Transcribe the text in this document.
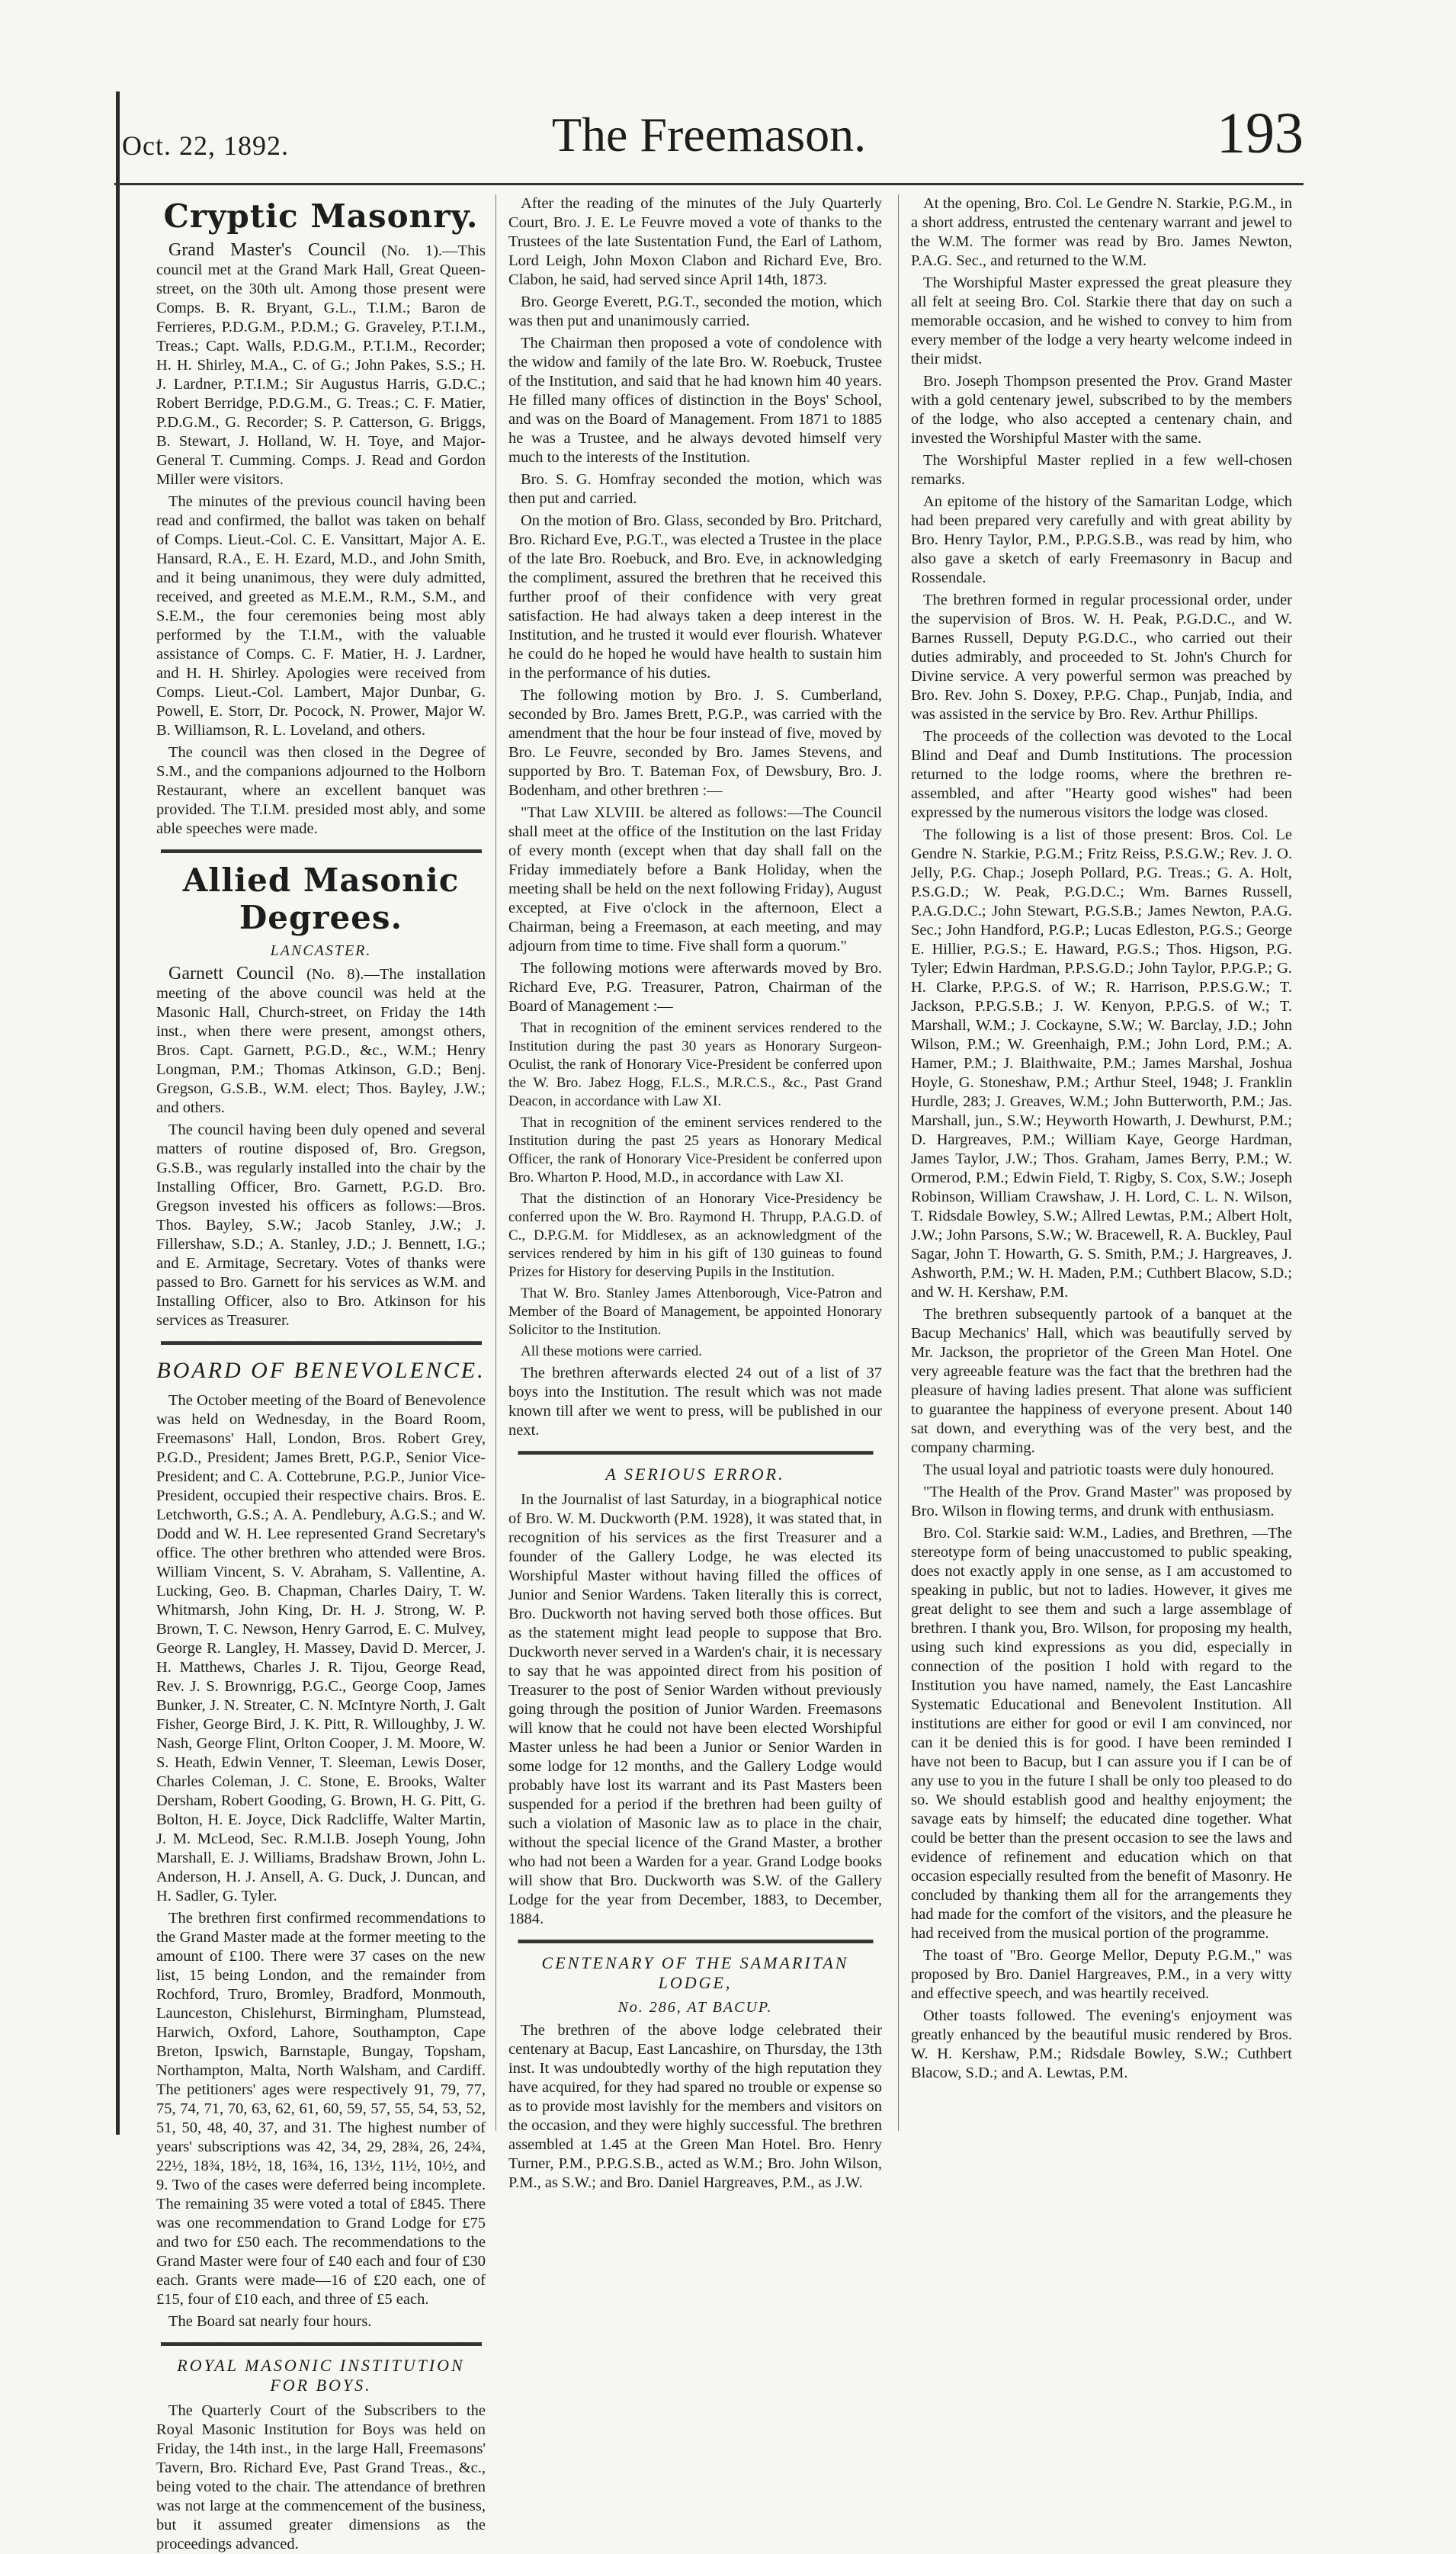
Oct. 22, 1892.	The Freemason.	193
Cryptic Masonry.

Grand Master's Council (No. 1).—This council met at the Grand Mark Hall, Great Queen-street, on the 30th ult. Among those present were Comps. B. R. Bryant, G.L., T.I.M.; Baron de Ferrieres, P.D.G.M., P.D.M.; G. Graveley, P.T.I.M., Treas.; Capt. Walls, P.D.G.M., P.T.I.M., Recorder; H. H. Shirley, M.A., C. of G.; John Pakes, S.S.; H. J. Lardner, P.T.I.M.; Sir Augustus Harris, G.D.C.; Robert Berridge, P.D.G.M., G. Treas.; C. F. Matier, P.D.G.M., G. Recorder; S. P. Catterson, G. Briggs, B. Stewart, J. Holland, W. H. Toye, and Major-General T. Cumming. Comps. J. Read and Gordon Miller were visitors.

The minutes of the previous council having been read and confirmed, the ballot was taken on behalf of Comps. Lieut.-Col. C. E. Vansittart, Major A. E. Hansard, R.A., E. H. Ezard, M.D., and John Smith, and it being unanimous, they were duly admitted, received, and greeted as M.E.M., R.M., S.M., and S.E.M., the four ceremonies being most ably performed by the T.I.M., with the valuable assistance of Comps. C. F. Matier, H. J. Lardner, and H. H. Shirley. Apologies were received from Comps. Lieut.-Col. Lambert, Major Dunbar, G. Powell, E. Storr, Dr. Pocock, N. Prower, Major W. B. Williamson, R. L. Loveland, and others.

The council was then closed in the Degree of S.M., and the companions adjourned to the Holborn Restaurant, where an excellent banquet was provided. The T.I.M. presided most ably, and some able speeches were made.

▬▬▬▬▬▬▬▬▬▬▬▬▬▬▬▬▬▬▬▬▬▬▬▬▬▬▬▬
Allied Masonic Degrees.
LANCASTER.

Garnett Council (No. 8).—The installation meeting of the above council was held at the Masonic Hall, Church-street, on Friday the 14th inst., when there were present, amongst others, Bros. Capt. Garnett, P.G.D., &c., W.M.; Henry Longman, P.M.; Thomas Atkinson, G.D.; Benj. Gregson, G.S.B., W.M. elect; Thos. Bayley, J.W.; and others.

The council having been duly opened and several matters of routine disposed of, Bro. Gregson, G.S.B., was regularly installed into the chair by the Installing Officer, Bro. Garnett, P.G.D. Bro. Gregson invested his officers as follows:—Bros. Thos. Bayley, S.W.; Jacob Stanley, J.W.; J. Fillershaw, S.D.; A. Stanley, J.D.; J. Bennett, I.G.; and E. Armitage, Secretary. Votes of thanks were passed to Bro. Garnett for his services as W.M. and Installing Officer, also to Bro. Atkinson for his services as Treasurer.

▬▬▬▬▬▬▬▬▬▬▬▬▬▬▬▬▬▬▬▬▬▬▬▬▬▬▬▬
BOARD OF BENEVOLENCE.

The October meeting of the Board of Benevolence was held on Wednesday, in the Board Room, Freemasons' Hall, London, Bros. Robert Grey, P.G.D., President; James Brett, P.G.P., Senior Vice-President; and C. A. Cottebrune, P.G.P., Junior Vice-President, occupied their respective chairs. Bros. E. Letchworth, G.S.; A. A. Pendlebury, A.G.S.; and W. Dodd and W. H. Lee represented Grand Secretary's office. The other brethren who attended were Bros. William Vincent, S. V. Abraham, S. Vallentine, A. Lucking, Geo. B. Chapman, Charles Dairy, T. W. Whitmarsh, John King, Dr. H. J. Strong, W. P. Brown, T. C. Newson, Henry Garrod, E. C. Mulvey, George R. Langley, H. Massey, David D. Mercer, J. H. Matthews, Charles J. R. Tijou, George Read, Rev. J. S. Brownrigg, P.G.C., George Coop, James Bunker, J. N. Streater, C. N. McIntyre North, J. Galt Fisher, George Bird, J. K. Pitt, R. Willoughby, J. W. Nash, George Flint, Orlton Cooper, J. M. Moore, W. S. Heath, Edwin Venner, T. Sleeman, Lewis Doser, Charles Coleman, J. C. Stone, E. Brooks, Walter Dersham, Robert Gooding, G. Brown, H. G. Pitt, G. Bolton, H. E. Joyce, Dick Radcliffe, Walter Martin, J. M. McLeod, Sec. R.M.I.B. Joseph Young, John Marshall, E. J. Williams, Bradshaw Brown, John L. Anderson, H. J. Ansell, A. G. Duck, J. Duncan, and H. Sadler, G. Tyler.

The brethren first confirmed recommendations to the Grand Master made at the former meeting to the amount of £100. There were 37 cases on the new list, 15 being London, and the remainder from Rochford, Truro, Bromley, Bradford, Monmouth, Launceston, Chislehurst, Birmingham, Plumstead, Harwich, Oxford, Lahore, Southampton, Cape Breton, Ipswich, Barnstaple, Bungay, Topsham, Northampton, Malta, North Walsham, and Cardiff. The petitioners' ages were respectively 91, 79, 77, 75, 74, 71, 70, 63, 62, 61, 60, 59, 57, 55, 54, 53, 52, 51, 50, 48, 40, 37, and 31. The highest number of years' subscriptions was 42, 34, 29, 28¾, 26, 24¾, 22½, 18¾, 18½, 18, 16¾, 16, 13½, 11½, 10½, and 9. Two of the cases were deferred being incomplete. The remaining 35 were voted a total of £845. There was one recommendation to Grand Lodge for £75 and two for £50 each. The recommendations to the Grand Master were four of £40 each and four of £30 each. Grants were made—16 of £20 each, one of £15, four of £10 each, and three of £5 each.

The Board sat nearly four hours.

▬▬▬▬▬▬▬▬▬▬▬▬▬▬▬▬▬▬▬▬▬▬▬▬▬▬▬▬
ROYAL MASONIC INSTITUTION FOR BOYS.

The Quarterly Court of the Subscribers to the Royal Masonic Institution for Boys was held on Friday, the 14th inst., in the large Hall, Freemasons' Tavern, Bro. Richard Eve, Past Grand Treas., &c., being voted to the chair. The attendance of brethren was not large at the commencement of the business, but it assumed greater dimensions as the proceedings advanced.

After the reading of the minutes of the July Quarterly Court, Bro. J. E. Le Feuvre moved a vote of thanks to the Trustees of the late Sustentation Fund, the Earl of Lathom, Lord Leigh, John Moxon Clabon and Richard Eve, Bro. Clabon, he said, had served since April 14th, 1873.

Bro. George Everett, P.G.T., seconded the motion, which was then put and unanimously carried.

The Chairman then proposed a vote of condolence with the widow and family of the late Bro. W. Roebuck, Trustee of the Institution, and said that he had known him 40 years. He filled many offices of distinction in the Boys' School, and was on the Board of Management. From 1871 to 1885 he was a Trustee, and he always devoted himself very much to the interests of the Institution.

Bro. S. G. Homfray seconded the motion, which was then put and carried.

On the motion of Bro. Glass, seconded by Bro. Pritchard, Bro. Richard Eve, P.G.T., was elected a Trustee in the place of the late Bro. Roebuck, and Bro. Eve, in acknowledging the compliment, assured the brethren that he received this further proof of their confidence with very great satisfaction. He had always taken a deep interest in the Institution, and he trusted it would ever flourish. Whatever he could do he hoped he would have health to sustain him in the performance of his duties.

The following motion by Bro. J. S. Cumberland, seconded by Bro. James Brett, P.G.P., was carried with the amendment that the hour be four instead of five, moved by Bro. Le Feuvre, seconded by Bro. James Stevens, and supported by Bro. T. Bateman Fox, of Dewsbury, Bro. J. Bodenham, and other brethren :—

"That Law XLVIII. be altered as follows:—The Council shall meet at the office of the Institution on the last Friday of every month (except when that day shall fall on the Friday immediately before a Bank Holiday, when the meeting shall be held on the next following Friday), August excepted, at Five o'clock in the afternoon, Elect a Chairman, being a Freemason, at each meeting, and may adjourn from time to time. Five shall form a quorum."

The following motions were afterwards moved by Bro. Richard Eve, P.G. Treasurer, Patron, Chairman of the Board of Management :—

That in recognition of the eminent services rendered to the Institution during the past 30 years as Honorary Surgeon-Oculist, the rank of Honorary Vice-President be conferred upon the W. Bro. Jabez Hogg, F.L.S., M.R.C.S., &c., Past Grand Deacon, in accordance with Law XI.

That in recognition of the eminent services rendered to the Institution during the past 25 years as Honorary Medical Officer, the rank of Honorary Vice-President be conferred upon Bro. Wharton P. Hood, M.D., in accordance with Law XI.

That the distinction of an Honorary Vice-Presidency be conferred upon the W. Bro. Raymond H. Thrupp, P.A.G.D. of C., D.P.G.M. for Middlesex, as an acknowledgment of the services rendered by him in his gift of 130 guineas to found Prizes for History for deserving Pupils in the Institution.

That W. Bro. Stanley James Attenborough, Vice-Patron and Member of the Board of Management, be appointed Honorary Solicitor to the Institution.

All these motions were carried.

The brethren afterwards elected 24 out of a list of 37 boys into the Institution. The result which was not made known till after we went to press, will be published in our next.

▬▬▬▬▬▬▬▬▬▬▬▬▬▬▬▬▬▬▬▬▬▬▬▬▬▬▬▬▬▬▬
A SERIOUS ERROR.

In the Journalist of last Saturday, in a biographical notice of Bro. W. M. Duckworth (P.M. 1928), it was stated that, in recognition of his services as the first Treasurer and a founder of the Gallery Lodge, he was elected its Worshipful Master without having filled the offices of Junior and Senior Wardens. Taken literally this is correct, Bro. Duckworth not having served both those offices. But as the statement might lead people to suppose that Bro. Duckworth never served in a Warden's chair, it is necessary to say that he was appointed direct from his position of Treasurer to the post of Senior Warden without previously going through the position of Junior Warden. Freemasons will know that he could not have been elected Worshipful Master unless he had been a Junior or Senior Warden in some lodge for 12 months, and the Gallery Lodge would probably have lost its warrant and its Past Masters been suspended for a period if the brethren had been guilty of such a violation of Masonic law as to place in the chair, without the special licence of the Grand Master, a brother who had not been a Warden for a year. Grand Lodge books will show that Bro. Duckworth was S.W. of the Gallery Lodge for the year from December, 1883, to December, 1884.

▬▬▬▬▬▬▬▬▬▬▬▬▬▬▬▬▬▬▬▬▬▬▬▬▬▬▬▬▬▬▬
CENTENARY OF THE SAMARITAN LODGE,
No. 286, AT BACUP.

The brethren of the above lodge celebrated their centenary at Bacup, East Lancashire, on Thursday, the 13th inst. It was undoubtedly worthy of the high reputation they have acquired, for they had spared no trouble or expense so as to provide most lavishly for the members and visitors on the occasion, and they were highly successful. The brethren assembled at 1.45 at the Green Man Hotel. Bro. Henry Turner, P.M., P.P.G.S.B., acted as W.M.; Bro. John Wilson, P.M., as S.W.; and Bro. Daniel Hargreaves, P.M., as J.W.

At the opening, Bro. Col. Le Gendre N. Starkie, P.G.M., in a short address, entrusted the centenary warrant and jewel to the W.M. The former was read by Bro. James Newton, P.A.G. Sec., and returned to the W.M.

The Worshipful Master expressed the great pleasure they all felt at seeing Bro. Col. Starkie there that day on such a memorable occasion, and he wished to convey to him from every member of the lodge a very hearty welcome indeed in their midst.

Bro. Joseph Thompson presented the Prov. Grand Master with a gold centenary jewel, subscribed to by the members of the lodge, who also accepted a centenary chain, and invested the Worshipful Master with the same.

The Worshipful Master replied in a few well-chosen remarks.

An epitome of the history of the Samaritan Lodge, which had been prepared very carefully and with great ability by Bro. Henry Taylor, P.M., P.P.G.S.B., was read by him, who also gave a sketch of early Freemasonry in Bacup and Rossendale.

The brethren formed in regular processional order, under the supervision of Bros. W. H. Peak, P.G.D.C., and W. Barnes Russell, Deputy P.G.D.C., who carried out their duties admirably, and proceeded to St. John's Church for Divine service. A very powerful sermon was preached by Bro. Rev. John S. Doxey, P.P.G. Chap., Punjab, India, and was assisted in the service by Bro. Rev. Arthur Phillips.

The proceeds of the collection was devoted to the Local Blind and Deaf and Dumb Institutions. The procession returned to the lodge rooms, where the brethren re-assembled, and after "Hearty good wishes" had been expressed by the numerous visitors the lodge was closed.

The following is a list of those present: Bros. Col. Le Gendre N. Starkie, P.G.M.; Fritz Reiss, P.S.G.W.; Rev. J. O. Jelly, P.G. Chap.; Joseph Pollard, P.G. Treas.; G. A. Holt, P.S.G.D.; W. Peak, P.G.D.C.; Wm. Barnes Russell, P.A.G.D.C.; John Stewart, P.G.S.B.; James Newton, P.A.G. Sec.; John Handford, P.G.P.; Lucas Edleston, P.G.S.; George E. Hillier, P.G.S.; E. Haward, P.G.S.; Thos. Higson, P.G. Tyler; Edwin Hardman, P.P.S.G.D.; John Taylor, P.P.G.P.; G. H. Clarke, P.P.G.S. of W.; R. Harrison, P.P.S.G.W.; T. Jackson, P.P.G.S.B.; J. W. Kenyon, P.P.G.S. of W.; T. Marshall, W.M.; J. Cockayne, S.W.; W. Barclay, J.D.; John Wilson, P.M.; W. Greenhaigh, P.M.; John Lord, P.M.; A. Hamer, P.M.; J. Blaithwaite, P.M.; James Marshal, Joshua Hoyle, G. Stoneshaw, P.M.; Arthur Steel, 1948; J. Franklin Hurdle, 283; J. Greaves, W.M.; John Butterworth, P.M.; Jas. Marshall, jun., S.W.; Heyworth Howarth, J. Dewhurst, P.M.; D. Hargreaves, P.M.; William Kaye, George Hardman, James Taylor, J.W.; Thos. Graham, James Berry, P.M.; W. Ormerod, P.M.; Edwin Field, T. Rigby, S. Cox, S.W.; Joseph Robinson, William Crawshaw, J. H. Lord, C. L. N. Wilson, T. Ridsdale Bowley, S.W.; Allred Lewtas, P.M.; Albert Holt, J.W.; John Parsons, S.W.; W. Bracewell, R. A. Buckley, Paul Sagar, John T. Howarth, G. S. Smith, P.M.; J. Hargreaves, J. Ashworth, P.M.; W. H. Maden, P.M.; Cuthbert Blacow, S.D.; and W. H. Kershaw, P.M.

The brethren subsequently partook of a banquet at the Bacup Mechanics' Hall, which was beautifully served by Mr. Jackson, the proprietor of the Green Man Hotel. One very agreeable feature was the fact that the brethren had the pleasure of having ladies present. That alone was sufficient to guarantee the happiness of everyone present. About 140 sat down, and everything was of the very best, and the company charming.

The usual loyal and patriotic toasts were duly honoured.

"The Health of the Prov. Grand Master" was proposed by Bro. Wilson in flowing terms, and drunk with enthusiasm.

Bro. Col. Starkie said: W.M., Ladies, and Brethren, —The stereotype form of being unaccustomed to public speaking, does not exactly apply in one sense, as I am accustomed to speaking in public, but not to ladies. However, it gives me great delight to see them and such a large assemblage of brethren. I thank you, Bro. Wilson, for proposing my health, using such kind expressions as you did, especially in connection of the position I hold with regard to the Institution you have named, namely, the East Lancashire Systematic Educational and Benevolent Institution. All institutions are either for good or evil I am convinced, nor can it be denied this is for good. I have been reminded I have not been to Bacup, but I can assure you if I can be of any use to you in the future I shall be only too pleased to do so. We should establish good and healthy enjoyment; the savage eats by himself; the educated dine together. What could be better than the present occasion to see the laws and evidence of refinement and education which on that occasion especially resulted from the benefit of Masonry. He concluded by thanking them all for the arrangements they had made for the comfort of the visitors, and the pleasure he had received from the musical portion of the programme.

The toast of "Bro. George Mellor, Deputy P.G.M.," was proposed by Bro. Daniel Hargreaves, P.M., in a very witty and effective speech, and was heartily received.

Other toasts followed. The evening's enjoyment was greatly enhanced by the beautiful music rendered by Bros. W. H. Kershaw, P.M.; Ridsdale Bowley, S.W.; Cuthbert Blacow, S.D.; and A. Lewtas, P.M.
